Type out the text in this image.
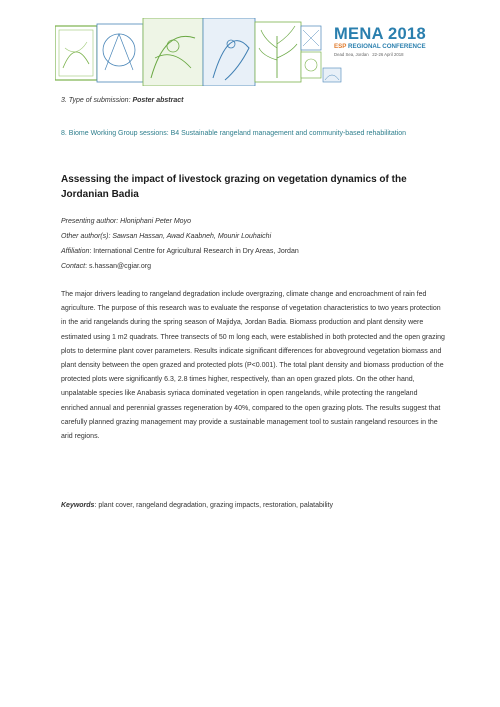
MENA 2018
ESP REGIONAL CONFERENCE
Dead Sea, Jordan 22-26 April 2018
3. Type of submission: Poster abstract
8. Biome Working Group sessions: B4 Sustainable rangeland management and community-based rehabilitation
Assessing the impact of livestock grazing on vegetation dynamics of the Jordanian Badia
Presenting author: Hloniphani Peter Moyo
Other author(s): Sawsan Hassan, Awad Kaabneh, Mounir Louhaichi
Affiliation: International Centre for Agricultural Research in Dry Areas, Jordan
Contact: s.hassan@cgiar.org
The major drivers leading to rangeland degradation include overgrazing, climate change and encroachment of rain fed agriculture. The purpose of this research was to evaluate the response of vegetation characteristics to two years protection in the arid rangelands during the spring season of Majidya, Jordan Badia. Biomass production and plant density were estimated using 1 m2 quadrats. Three transects of 50 m long each, were established in both protected and the open grazing plots to determine plant cover parameters. Results indicate significant differences for aboveground vegetation biomass and plant density between the open grazed and protected plots (P<0.001). The total plant density and biomass production of the protected plots were significantly 6.3, 2.8 times higher, respectively, than an open grazed plots. On the other hand, unpalatable species like Anabasis syriaca dominated vegetation in open rangelands, while protecting the rangeland enriched annual and perennial grasses regeneration by 40%, compared to the open grazing plots. The results suggest that carefully planned grazing management may provide a sustainable management tool to sustain rangeland resources in the arid regions.
Keywords: plant cover, rangeland degradation, grazing impacts, restoration, palatability
